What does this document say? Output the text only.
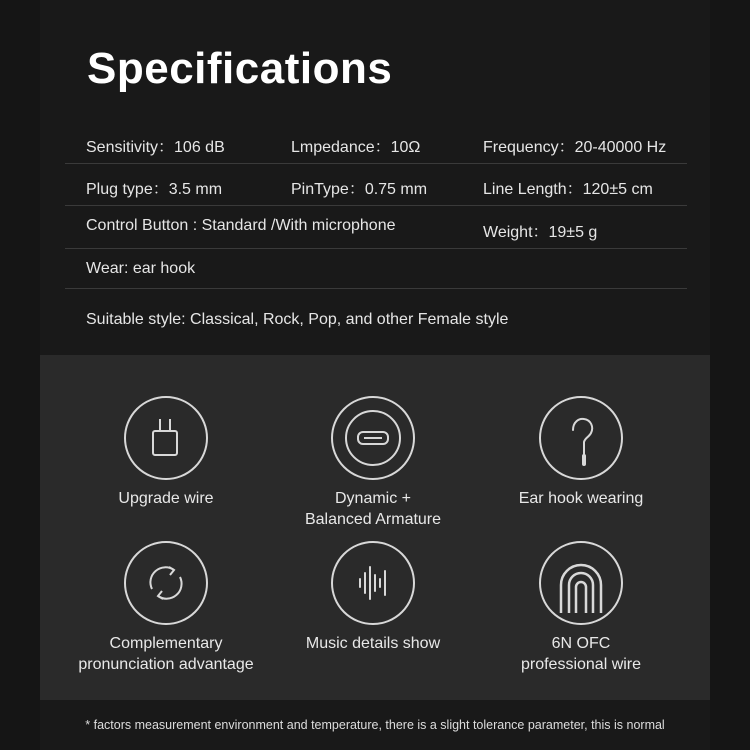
Specifications
Sensitivity：106 dB	Lmpedance：10Ω	Frequency：20-40000 Hz
Plug type：3.5 mm	PinType：0.75 mm	Line Length：120±5 cm
Control Button : Standard /With microphone	Weight：19±5 g
Wear: ear hook
Suitable style: Classical, Rock, Pop, and other Female style
Upgrade wire	Dynamic +
Balanced Armature
Ear hook wearing
Complementary
pronunciation advantage
Music details show	6N OFC
professional wire
* factors measurement environment and temperature, there is a slight tolerance parameter, this is normal
